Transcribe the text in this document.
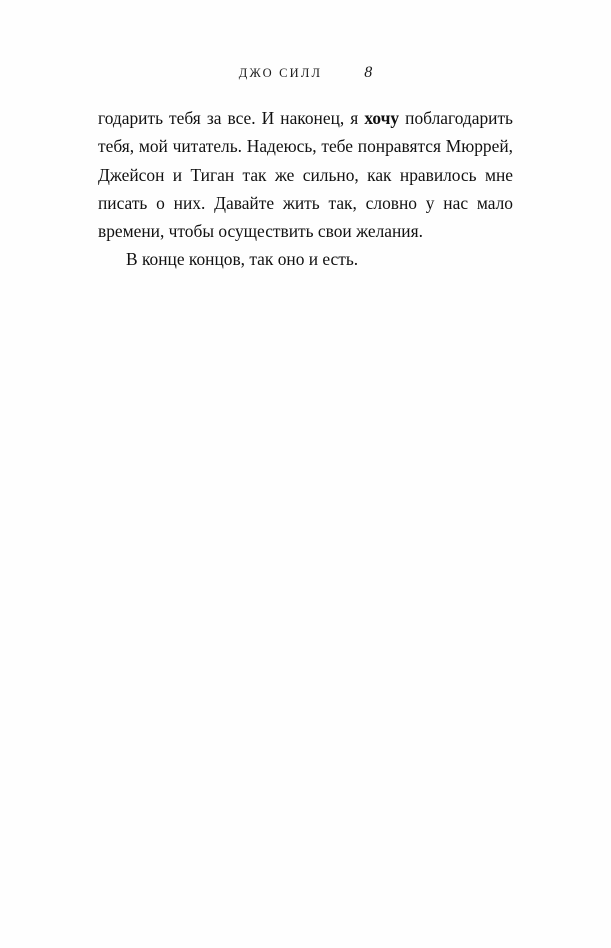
ДЖО СИЛЛ	8

годарить тебя за все. И наконец, я хочу поблагодарить тебя, мой читатель. Надеюсь, тебе понравятся Мюррей, Джейсон и Тиган так же сильно, как нравилось мне писать о них. Давайте жить так, словно у нас мало времени, чтобы осуществить свои желания.

В конце концов, так оно и есть.
